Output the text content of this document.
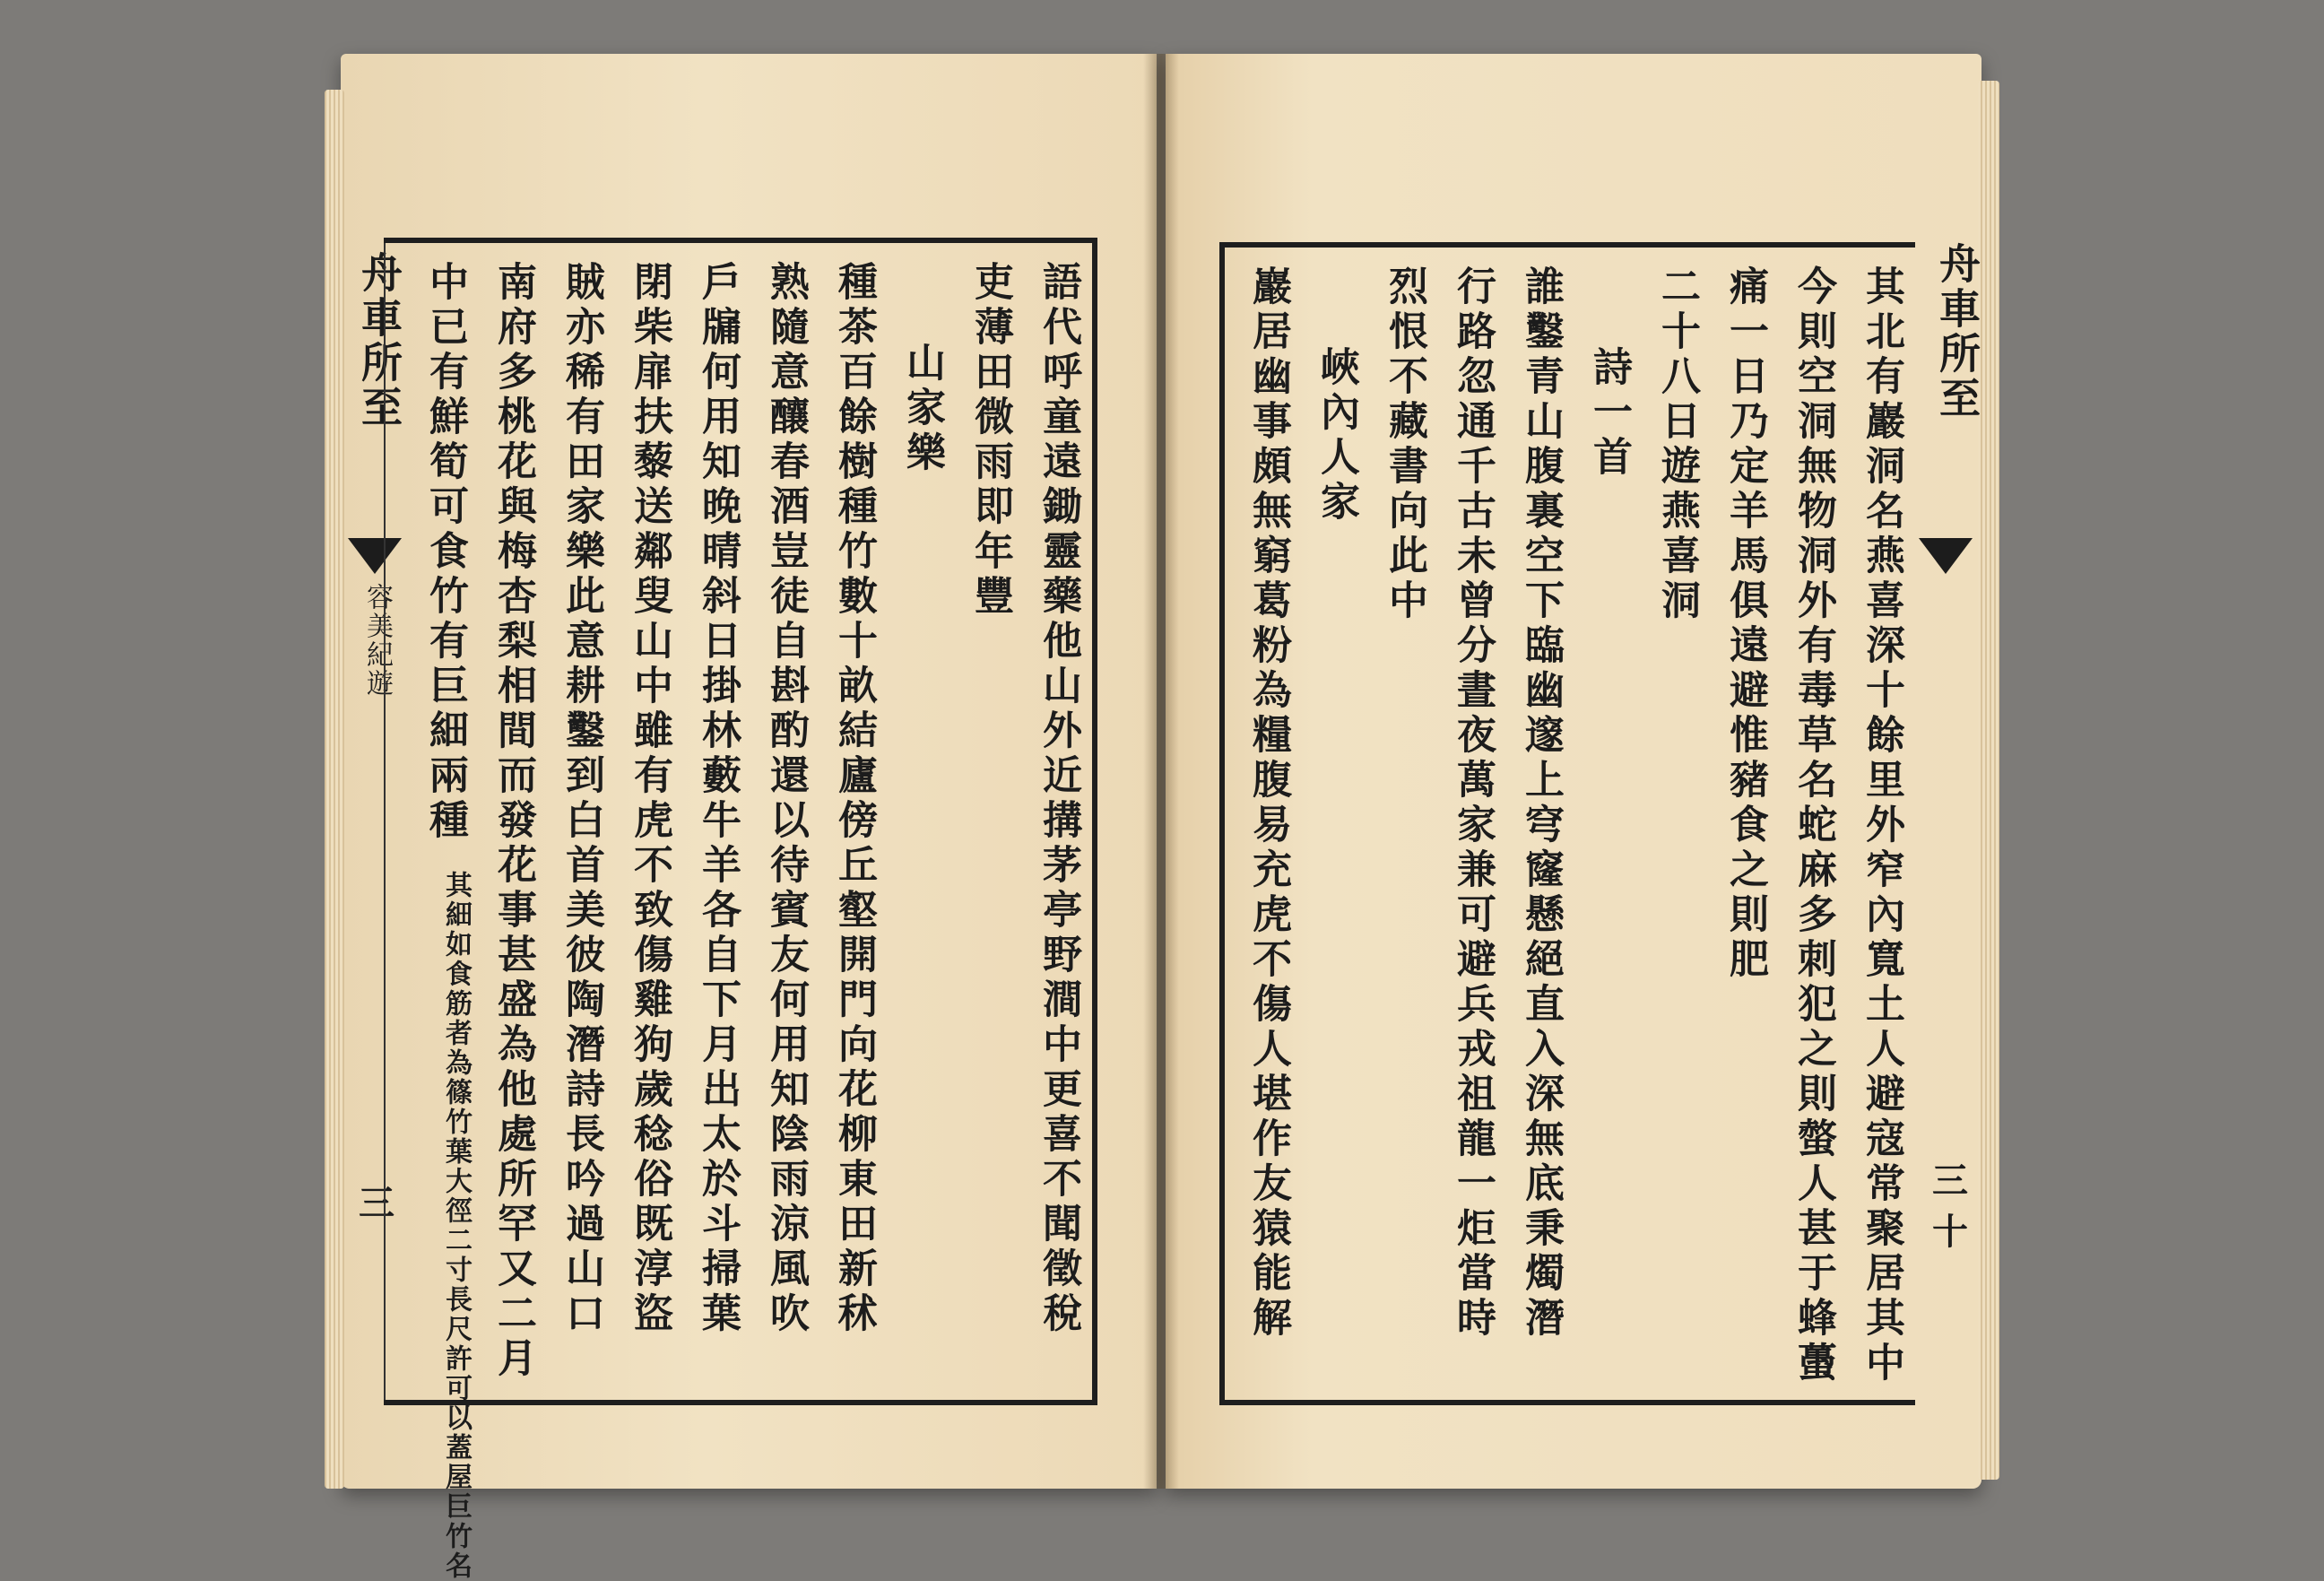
舟車所至
容美紀遊
三	語代呼童遠鋤靈藥他山外近搆茅亭野澗中更喜不聞徵稅
吏薄田微雨即年豐
山家樂
種茶百餘樹種竹數十畝結廬傍丘壑開門向花柳東田新秫
熟隨意釀春酒豈徒自斟酌還以待賓友何用知陰雨涼風吹
戶牖何用知晚晴斜日掛林藪牛羊各自下月出太於斗掃葉
閉柴扉扶藜送鄰叟山中雖有虎不致傷雞狗歲稔俗既淳盜
賊亦稀有田家樂此意耕鑿到白首美彼陶潛詩長吟過山口
南府多桃花與梅杏梨相間而發花事甚盛為他處所罕又二月
中已有鮮筍可食竹有巨細兩種
其細如食筋者為篠竹葉大徑二寸長尺許可以蓋屋巨竹名
舟車所至
三十
其北有巖洞名燕喜深十餘里外窄內寬土人避寇常聚居其中
今則空洞無物洞外有毒草名蛇麻多刺犯之則螫人甚于蜂蠆
痛一日乃定羊馬俱遠避惟豬食之則肥
二十八日遊燕喜洞
詩一首
誰鑿青山腹裏空下臨幽邃上穹窿懸絕直入深無底秉燭潛
行路忽通千古未曾分晝夜萬家兼可避兵戎祖龍一炬當時
烈恨不藏書向此中
峽內人家
巖居幽事頗無窮葛粉為糧腹易充虎不傷人堪作友猿能解
